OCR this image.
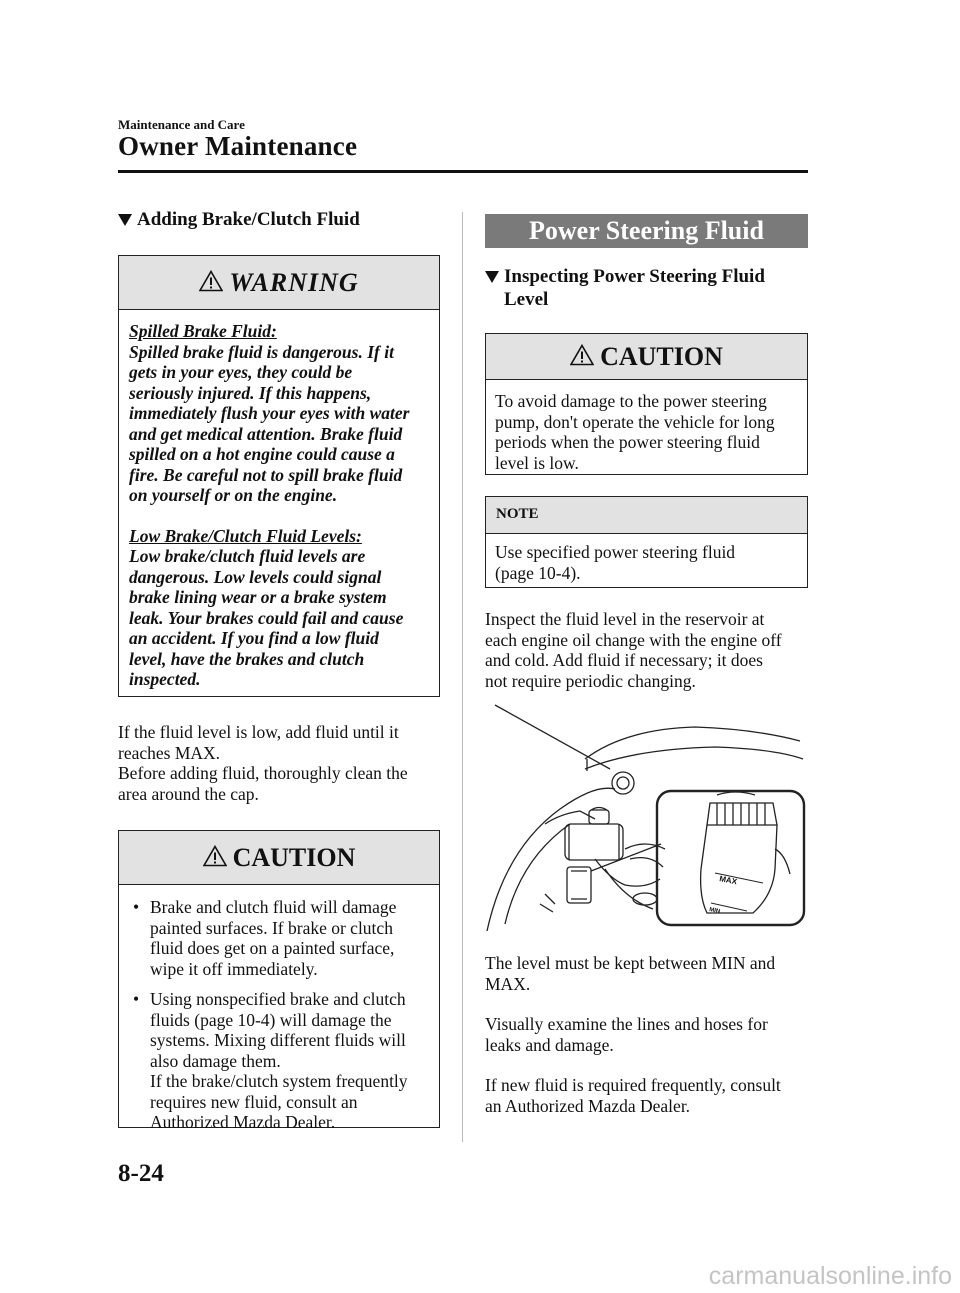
Maintenance and Care
Owner Maintenance
Adding Brake/Clutch Fluid
WARNING
Spilled Brake Fluid:
Spilled brake fluid is dangerous. If it
gets in your eyes, they could be
seriously injured. If this happens,
immediately flush your eyes with water
and get medical attention. Brake fluid
spilled on a hot engine could cause a
fire. Be careful not to spill brake fluid
on yourself or on the engine.
Low Brake/Clutch Fluid Levels:
Low brake/clutch fluid levels are
dangerous. Low levels could signal
brake lining wear or a brake system
leak. Your brakes could fail and cause
an accident. If you find a low fluid
level, have the brakes and clutch
inspected.
If the fluid level is low, add fluid until it
reaches MAX.
Before adding fluid, thoroughly clean the
area around the cap.
CAUTION
• Brake and clutch fluid will damage
painted surfaces. If brake or clutch
fluid does get on a painted surface,
wipe it off immediately.
• Using nonspecified brake and clutch
fluids (page 10-4) will damage the
systems. Mixing different fluids will
also damage them.
If the brake/clutch system frequently
requires new fluid, consult an
Authorized Mazda Dealer.
Power Steering Fluid
Inspecting Power Steering Fluid
Level
CAUTION
To avoid damage to the power steering
pump, don't operate the vehicle for long
periods when the power steering fluid
level is low.
NOTE
Use specified power steering fluid
(page 10-4).
Inspect the fluid level in the reservoir at
each engine oil change with the engine off
and cold. Add fluid if necessary; it does
not require periodic changing.
MAX
MIN
The level must be kept between MIN and
MAX.
Visually examine the lines and hoses for
leaks and damage.
If new fluid is required frequently, consult
an Authorized Mazda Dealer.
8-24
carmanualsonline.info
